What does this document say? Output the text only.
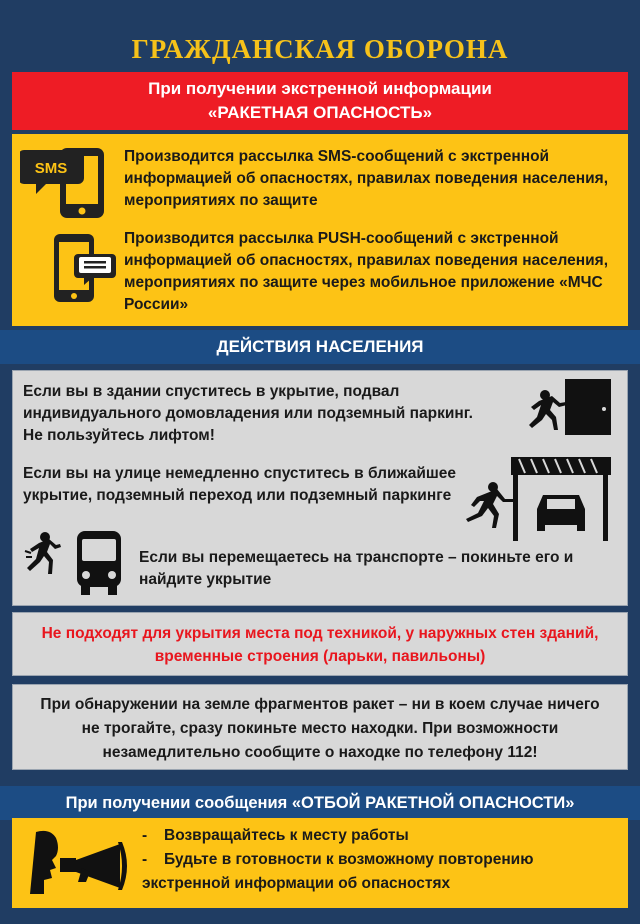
ГРАЖДАНСКАЯ ОБОРОНА
При получении экстренной информации
«РАКЕТНАЯ ОПАСНОСТЬ»
SMS
Производится рассылка SMS-сообщений с экстренной информацией об опасностях, правилах поведения населения, мероприятиях по защите
Производится рассылка PUSH-сообщений с экстренной информацией об опасностях, правилах поведения населения, мероприятиях по защите через мобильное приложение «МЧС России»
ДЕЙСТВИЯ НАСЕЛЕНИЯ
Если вы в здании спуститесь в укрытие, подвал индивидуального домовладения или подземный паркинг. Не пользуйтесь лифтом!
Если вы на улице немедленно спуститесь в ближайшее укрытие, подземный переход или подземный паркинге
Если вы перемещаетесь на транспорте – покиньте его и найдите укрытие
Не подходят для укрытия места под техникой, у наружных стен зданий,
временные строения (ларьки, павильоны)
При обнаружении на земле фрагментов ракет – ни в коем случае ничего
не трогайте, сразу покиньте место находки. При возможности
незамедлительно сообщите о находке по телефону 112!
При получении сообщения «ОТБОЙ РАКЕТНОЙ ОПАСНОСТИ»
-	Возвращайтесь к месту работы
-	Будьте в готовности к возможному повторению
экстренной информации об опасностях
